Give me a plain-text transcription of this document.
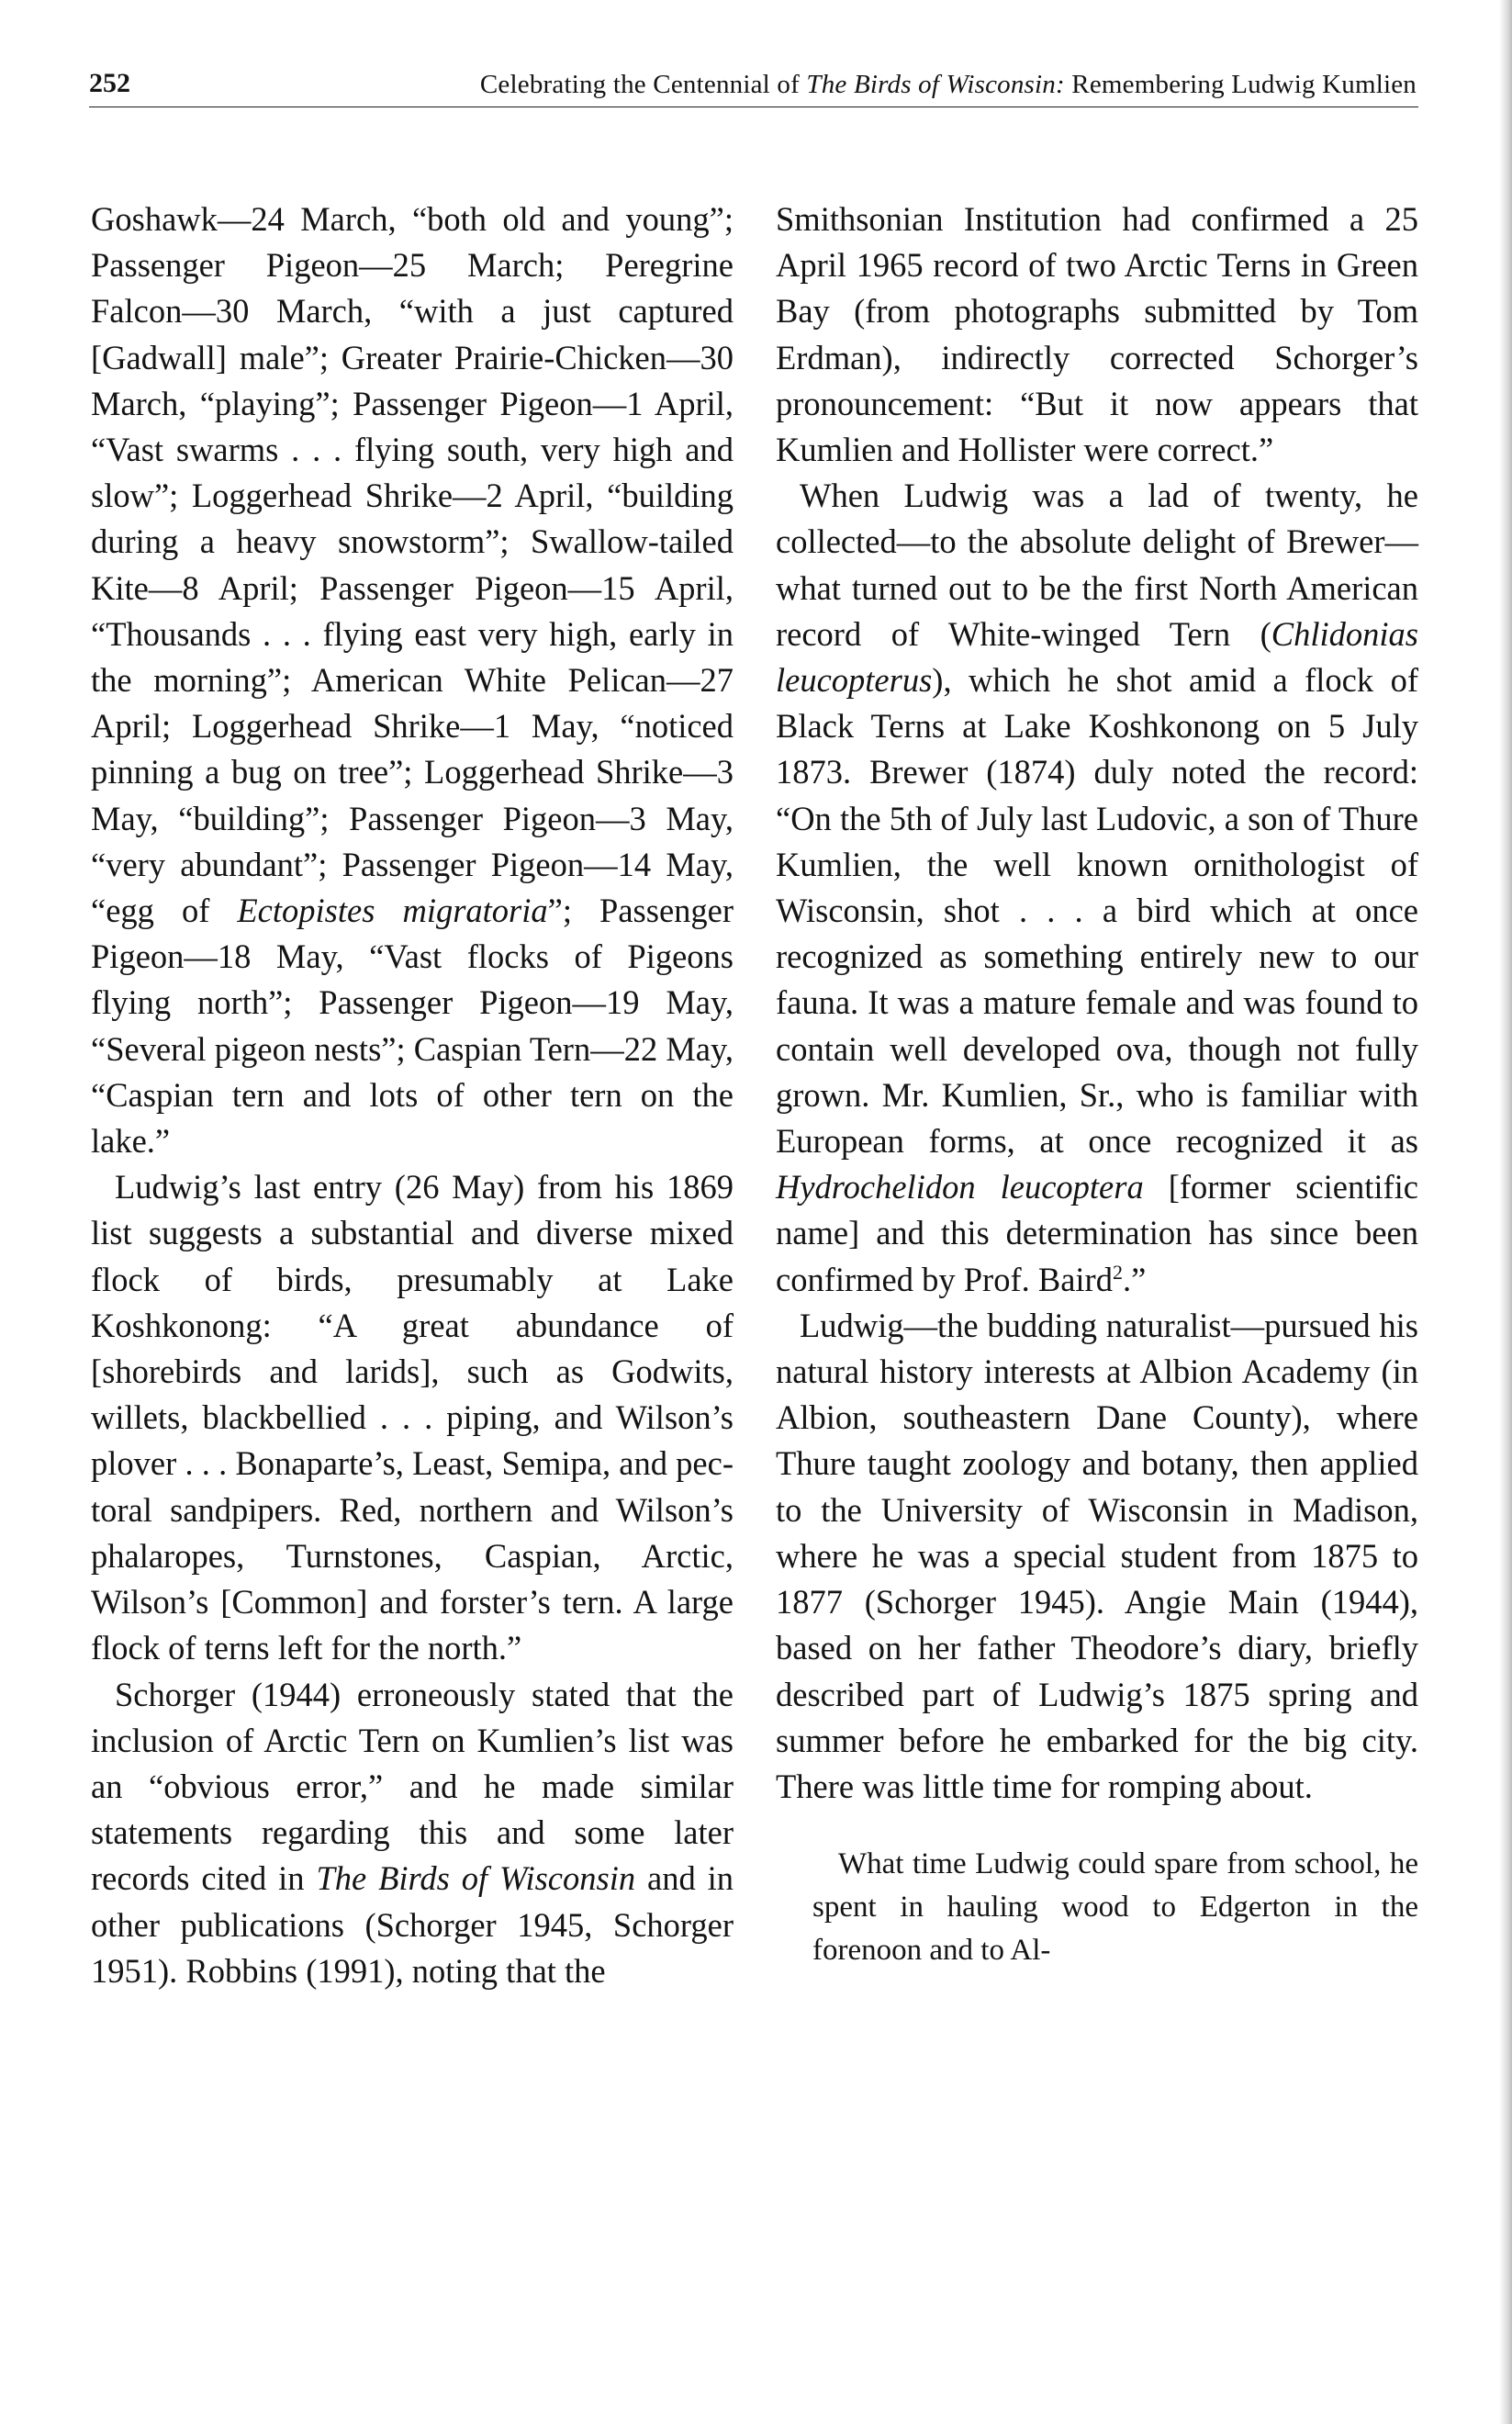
252	Celebrating the Centennial of The Birds of Wisconsin: Remembering Ludwig Kumlien

Goshawk—24 March, “both old and young”; Passenger Pigeon—25 March; Peregrine Falcon—30 March, “with a just captured [Gadwall] male”; Greater Prairie-Chicken—30 March, “playing”; Passenger Pigeon—1 April, “Vast swarms . . . flying south, very high and slow”; Loggerhead Shrike—2 April, “building during a heavy snowstorm”; Swallow-tailed Kite—8 April; Passenger Pigeon—15 April, “Thousands . . . flying east very high, early in the morning”; American White Pelican—27 April; Loggerhead Shrike—1 May, “noticed pinning a bug on tree”; Loggerhead Shrike—3 May, “building”; Passenger Pigeon—3 May, “very abundant”; Passenger Pigeon—14 May, “egg of Ectopistes migratoria”; Passenger Pigeon—18 May, “Vast flocks of Pigeons flying north”; Passenger Pigeon—19 May, “Several pigeon nests”; Caspian Tern—22 May, “Caspian tern and lots of other tern on the lake.”

Ludwig’s last entry (26 May) from his 1869 list suggests a substantial and diverse mixed flock of birds, presumably at Lake Koshkonong: “A great abundance of [shorebirds and larids], such as Godwits, willets, blackbellied . . . piping, and Wilson’s plover . . . Bonaparte’s, Least, Semipa, and pectoral sandpipers. Red, northern and Wilson’s phalaropes, Turnstones, Caspian, Arctic, Wilson’s [Common] and forster’s tern. A large flock of terns left for the north.”

Schorger (1944) erroneously stated that the inclusion of Arctic Tern on Kumlien’s list was an “obvious error,” and he made similar statements regarding this and some later records cited in The Birds of Wisconsin and in other publications (Schorger 1945, Schorger 1951). Robbins (1991), noting that the

Smithsonian Institution had confirmed a 25 April 1965 record of two Arctic Terns in Green Bay (from photographs submitted by Tom Erdman), indirectly corrected Schorger’s pronouncement: “But it now appears that Kumlien and Hollister were correct.”

When Ludwig was a lad of twenty, he collected—to the absolute delight of Brewer—what turned out to be the first North American record of White-winged Tern (Chlidonias leucopterus), which he shot amid a flock of Black Terns at Lake Koshkonong on 5 July 1873. Brewer (1874) duly noted the record: “On the 5th of July last Ludovic, a son of Thure Kumlien, the well known ornithologist of Wisconsin, shot . . . a bird which at once recognized as something entirely new to our fauna. It was a mature female and was found to contain well developed ova, though not fully grown. Mr. Kumlien, Sr., who is familiar with European forms, at once recognized it as Hydrochelidon leucoptera [former scientific name] and this determination has since been confirmed by Prof. Baird$^2$.”

Ludwig—the budding naturalist—pursued his natural history interests at Albion Academy (in Albion, southeastern Dane County), where Thure taught zoology and botany, then applied to the University of Wisconsin in Madison, where he was a special student from 1875 to 1877 (Schorger 1945). Angie Main (1944), based on her father Theodore’s diary, briefly described part of Ludwig’s 1875 spring and summer before he embarked for the big city. There was little time for romping about.

What time Ludwig could spare from school, he spent in hauling wood to Edgerton in the forenoon and to Al-
